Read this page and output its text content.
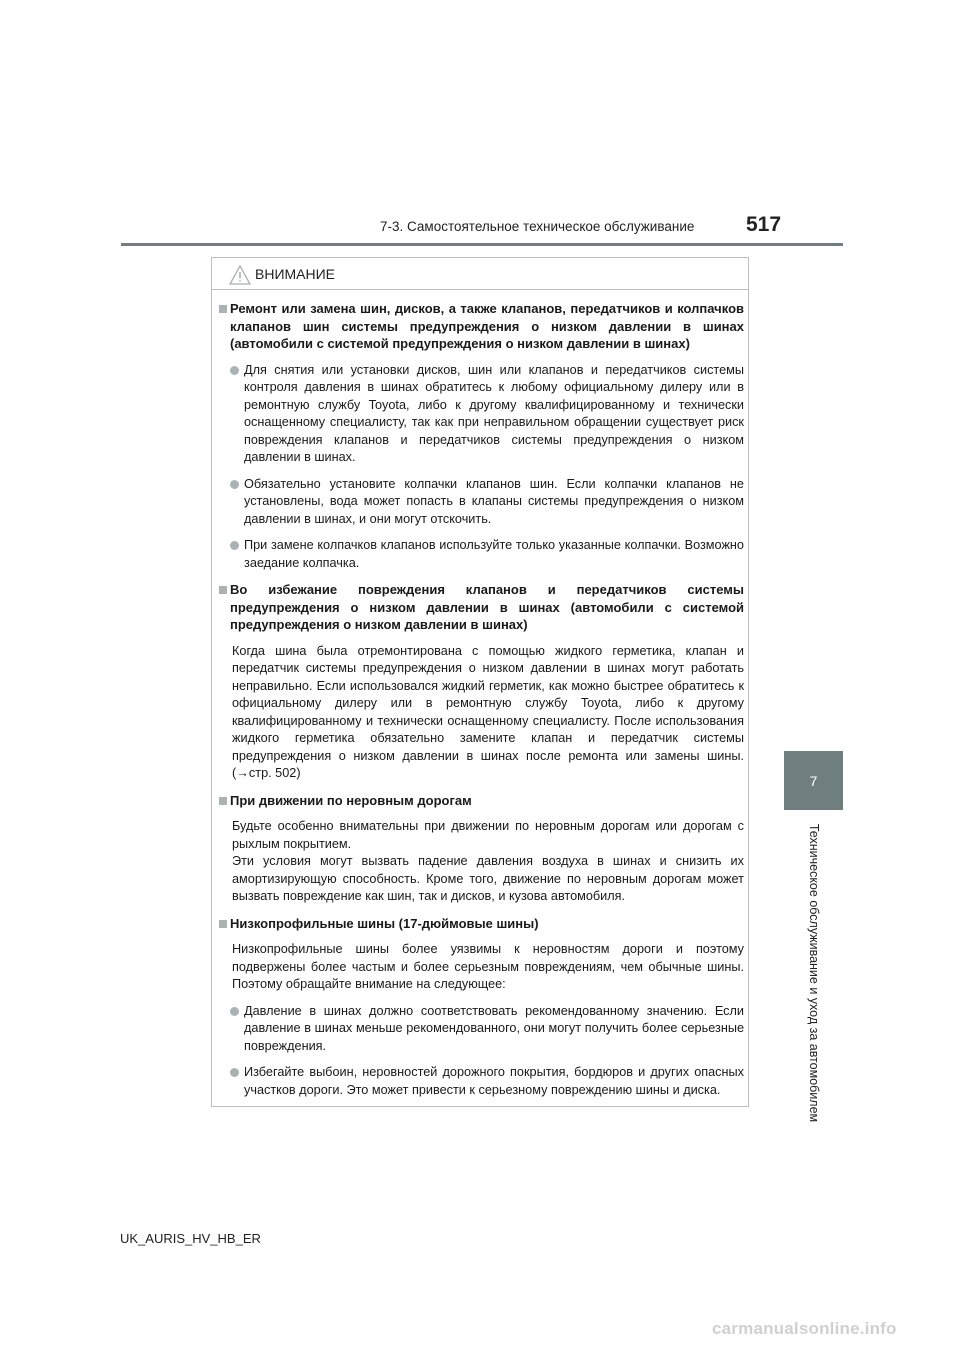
7-3. Самостоятельное техническое обслуживание 517
7
Техническое обслуживание и уход за автомобилем
ВНИМАНИЕ
Ремонт или замена шин, дисков, а также клапанов, передатчиков и колпачков клапанов шин системы предупреждения о низком давлении в шинах (автомобили с системой предупреждения о низком давлении в шинах)
Для снятия или установки дисков, шин или клапанов и передатчиков системы контроля давления в шинах обратитесь к любому официальному дилеру или в ремонтную службу Toyota, либо к другому квалифицированному и технически оснащенному специалисту, так как при неправильном обращении существует риск повреждения клапанов и передатчиков системы предупреждения о низком давлении в шинах.
Обязательно установите колпачки клапанов шин. Если колпачки клапанов не установлены, вода может попасть в клапаны системы предупреждения о низком давлении в шинах, и они могут отскочить.
При замене колпачков клапанов используйте только указанные колпачки. Возможно заедание колпачка.
Во избежание повреждения клапанов и передатчиков системы предупреждения о низком давлении в шинах (автомобили с системой предупреждения о низком давлении в шинах)
Когда шина была отремонтирована с помощью жидкого герметика, клапан и передатчик системы предупреждения о низком давлении в шинах могут работать неправильно. Если использовался жидкий герметик, как можно быстрее обратитесь к официальному дилеру или в ремонтную службу Toyota, либо к другому квалифицированному и технически оснащенному специалисту. После использования жидкого герметика обязательно замените клапан и передатчик системы предупреждения о низком давлении в шинах после ремонта или замены шины. (→стр. 502)
При движении по неровным дорогам
Будьте особенно внимательны при движении по неровным дорогам или дорогам с рыхлым покрытием.
Эти условия могут вызвать падение давления воздуха в шинах и снизить их амортизирующую способность. Кроме того, движение по неровным дорогам может вызвать повреждение как шин, так и дисков, и кузова автомобиля.
Низкопрофильные шины (17-дюймовые шины)
Низкопрофильные шины более уязвимы к неровностям дороги и поэтому подвержены более частым и более серьезным повреждениям, чем обычные шины. Поэтому обращайте внимание на следующее:
Давление в шинах должно соответствовать рекомендованному значению. Если давление в шинах меньше рекомендованного, они могут получить более серьезные повреждения.
Избегайте выбоин, неровностей дорожного покрытия, бордюров и других опасных участков дороги. Это может привести к серьезному повреждению шины и диска.
UK_AURIS_HV_HB_ER
carmanualsonline.info
